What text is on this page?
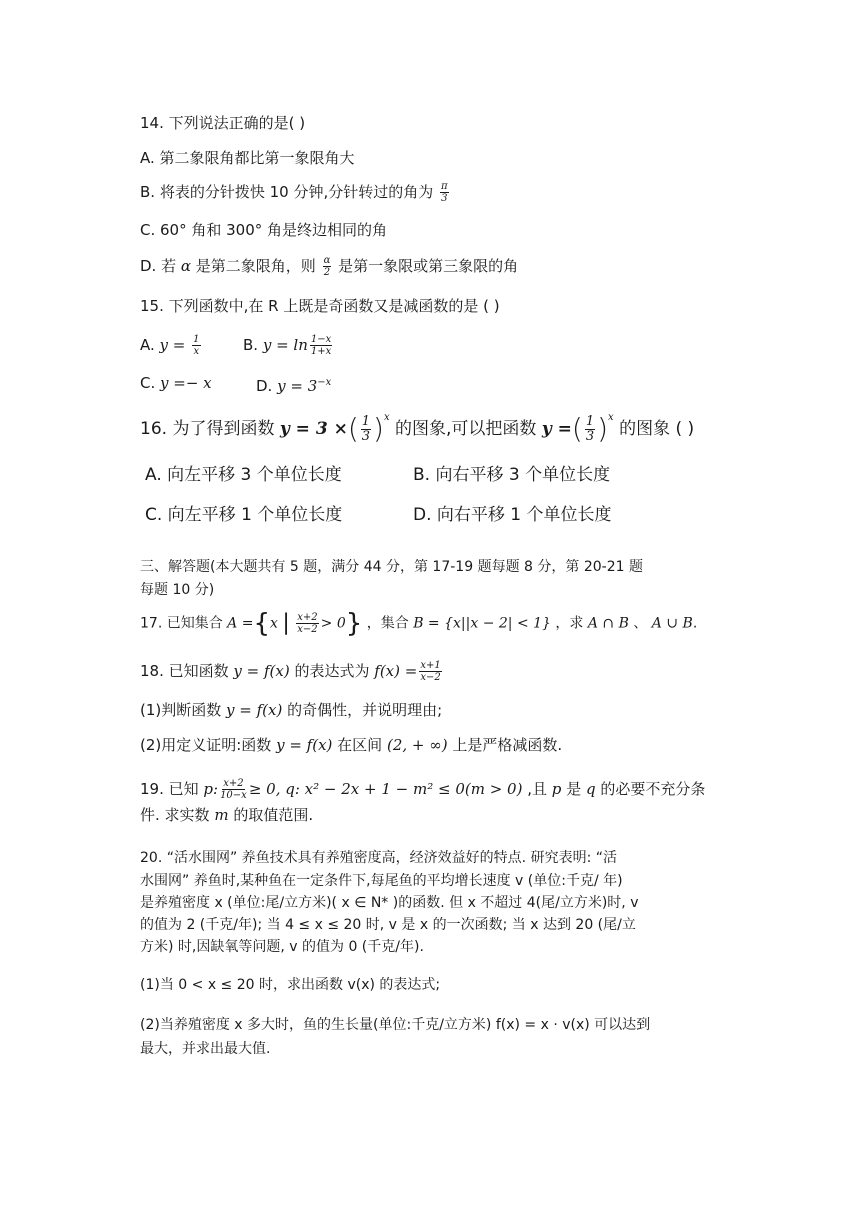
14. 下列说法正确的是( )
A. 第二象限角都比第一象限角大
B. 将表的分针拨快 10 分钟,分针转过的角为 $\frac{\pi}{3}$
C. 60° 角和 300° 角是终边相同的角
D. 若 α 是第二象限角，则 $\frac{\alpha}{2}$ 是第一象限或第三象限的角
15. 下列函数中,在 R 上既是奇函数又是减函数的是 ( )
A. $y = \frac{1}{x}$	B. $y = \ln \frac{1-x}{1+x}$
C. y =− x	D. $y = 3^{-x}$
16. 为了得到函数 y = 3 ×( $\frac{1}{3} )^x$ 的图象,可以把函数 y =( $\frac{1}{3} )^x$ 的图象 ( )
A. 向左平移 3 个单位长度	B. 向右平移 3 个单位长度
C. 向左平移 1 个单位长度	D. 向右平移 1 个单位长度
三、解答题(本大题共有 5 题，满分 44 分，第 17-19 题每题 8 分，第 20-21 题
每题 10 分)
17. 已知集合 A ={x | $\frac{x+2}{x-2} > 0$} ，集合 B = {x||x − 2| < 1} ，求 A ∩ B 、 A ∪ B.
18. 已知函数 y = f(x) 的表达式为 $f(x) = \frac{x+1}{x-2}$
(1)判断函数 y = f(x) 的奇偶性，并说明理由;
(2)用定义证明:函数 y = f(x) 在区间 (2, + ∞) 上是严格减函数.
19. 已知 p: $\frac{x+2}{10-x} \ge 0$, q: x² − 2x + 1 − m² ≤ 0(m > 0) ,且 p 是 q 的必要不充分条
件. 求实数 m 的取值范围.
20. “活水围网” 养鱼技术具有养殖密度高，经济效益好的特点. 研究表明: “活
水围网” 养鱼时,某种鱼在一定条件下,每尾鱼的平均增长速度 v (单位:千克/ 年)
是养殖密度 x (单位:尾/立方米)( x ∈ N* )的函数. 但 x 不超过 4(尾/立方米)时, v
的值为 2 (千克/年); 当 4 ≤ x ≤ 20 时, v 是 x 的一次函数; 当 x 达到 20 (尾/立
方米) 时,因缺氧等问题, v 的值为 0 (千克/年).
(1)当 0 < x ≤ 20 时，求出函数 v(x) 的表达式;
(2)当养殖密度 x 多大时，鱼的生长量(单位:千克/立方米) f(x) = x · v(x) 可以达到
最大，并求出最大值.
